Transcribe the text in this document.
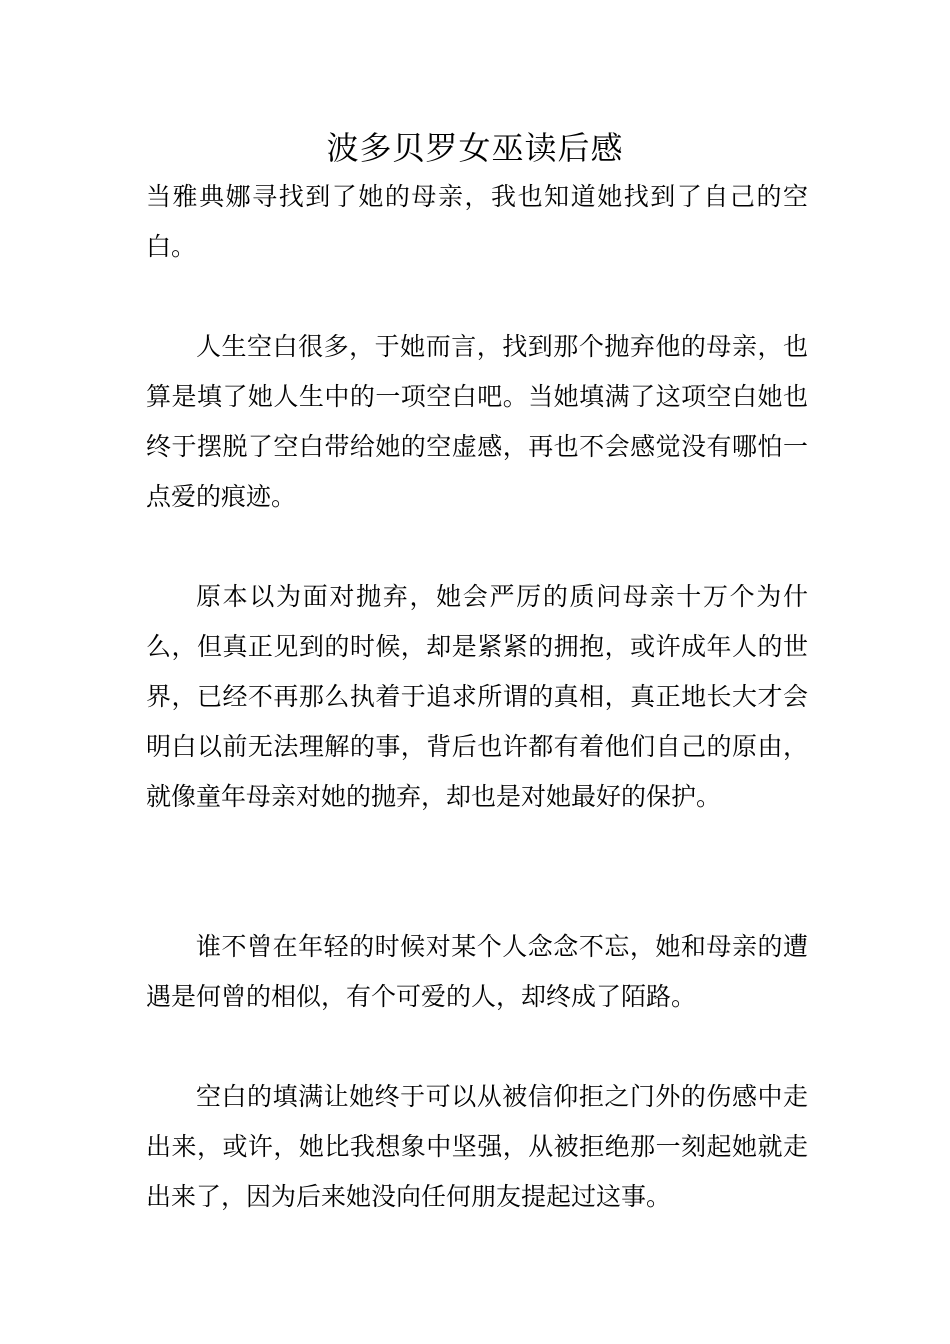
波多贝罗女巫读后感

当雅典娜寻找到了她的母亲，我也知道她找到了自己的空白。

人生空白很多，于她而言，找到那个抛弃他的母亲，也算是填了她人生中的一项空白吧。当她填满了这项空白她也终于摆脱了空白带给她的空虚感，再也不会感觉没有哪怕一点爱的痕迹。

原本以为面对抛弃，她会严厉的质问母亲十万个为什么，但真正见到的时候，却是紧紧的拥抱，或许成年人的世界，已经不再那么执着于追求所谓的真相，真正地长大才会明白以前无法理解的事，背后也许都有着他们自己的原由，就像童年母亲对她的抛弃，却也是对她最好的保护。

谁不曾在年轻的时候对某个人念念不忘，她和母亲的遭遇是何曾的相似，有个可爱的人，却终成了陌路。

空白的填满让她终于可以从被信仰拒之门外的伤感中走出来，或许，她比我想象中坚强，从被拒绝那一刻起她就走出来了，因为后来她没向任何朋友提起过这事。
